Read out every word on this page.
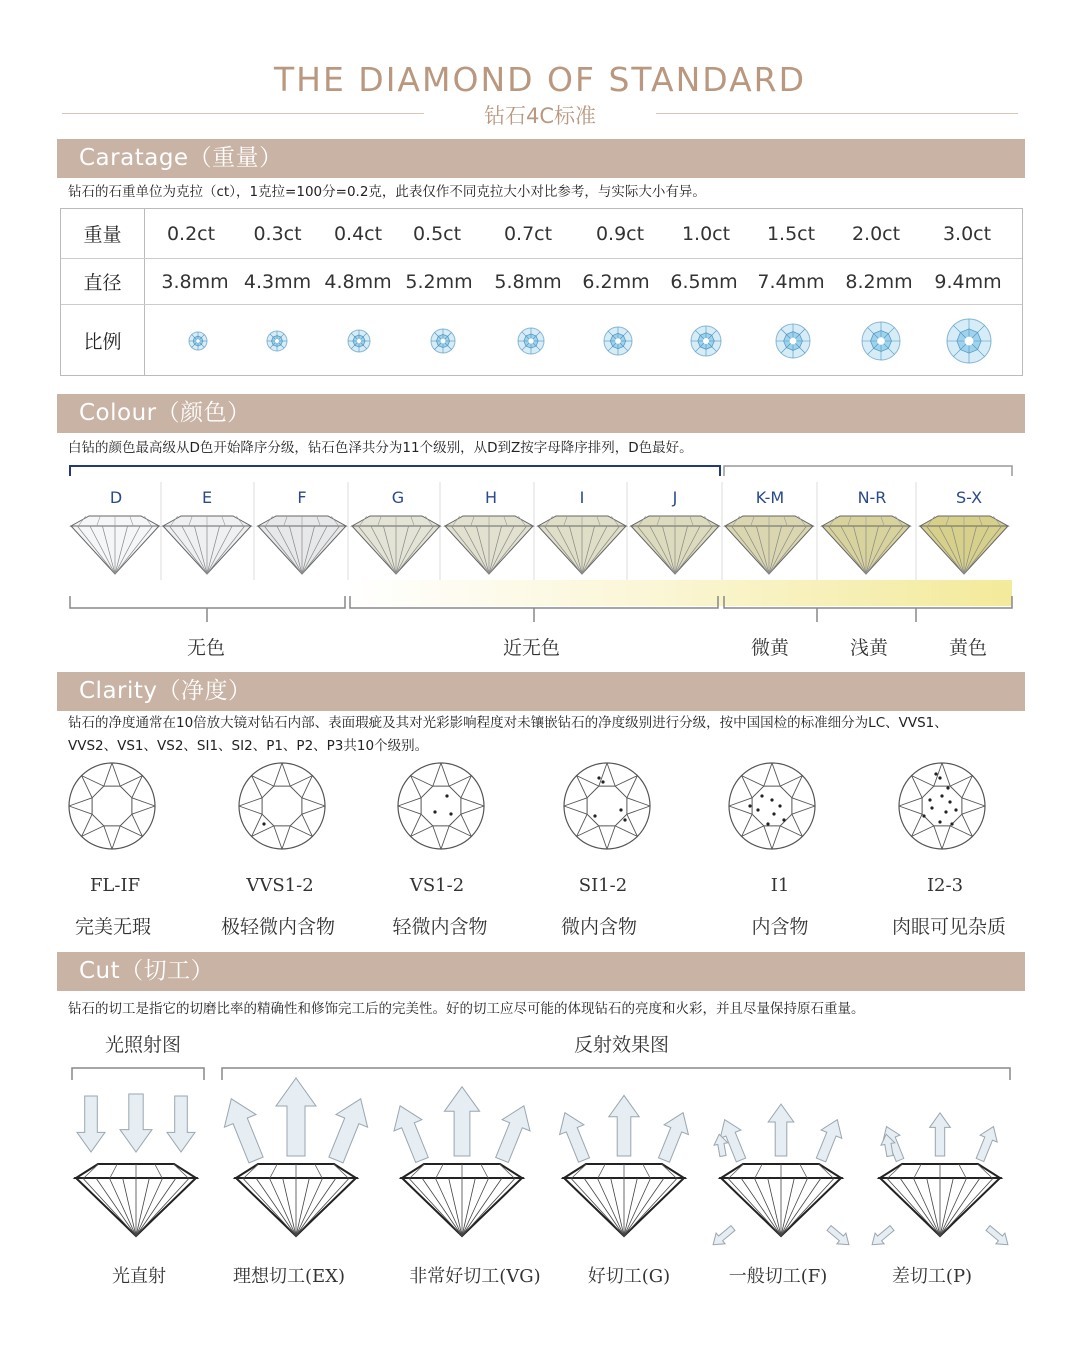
THE DIAMOND OF STANDARD
钻石4C标准
Caratage（重量）
钻石的石重单位为克拉（ct），1克拉=100分=0.2克，此表仅作不同克拉大小对比参考，与实际大小有异。
重量	0.2ct	0.3ct	0.4ct	0.5ct	0.7ct	0.9ct	1.0ct	1.5ct	2.0ct	3.0ct
直径	3.8mm 4.3mm 4.8mm 5.2mm	5.8mm	6.2mm	6.5mm	7.4mm	8.2mm	9.4mm
比例
Colour（颜色）
白钻的颜色最高级从D色开始降序分级，钻石色泽共分为11个级别，从D到Z按字母降序排列，D色最好。
D	E	F	G	H	I	J	K-M	N-R	S-X
无色	近无色	微黄	浅黄	黄色
Clarity（净度）
钻石的净度通常在10倍放大镜对钻石内部、表面瑕疵及其对光彩影响程度对未镶嵌钻石的净度级别进行分级，按中国国检的标准细分为LC、VVS1、
VVS2、VS1、VS2、SI1、SI2、P1、P2、P3共10个级别。
FL-IF	VVS1-2	VS1-2	SI1-2	I1	I2-3
完美无瑕	极轻微内含物	轻微内含物	微内含物	内含物	肉眼可见杂质
Cut（切工）
钻石的切工是指它的切磨比率的精确性和修饰完工后的完美性。好的切工应尽可能的体现钻石的亮度和火彩，并且尽量保持原石重量。
光照射图	反射效果图
光直射	理想切工(EX)	非常好切工(VG)	好切工(G)	一般切工(F)	差切工(P)
